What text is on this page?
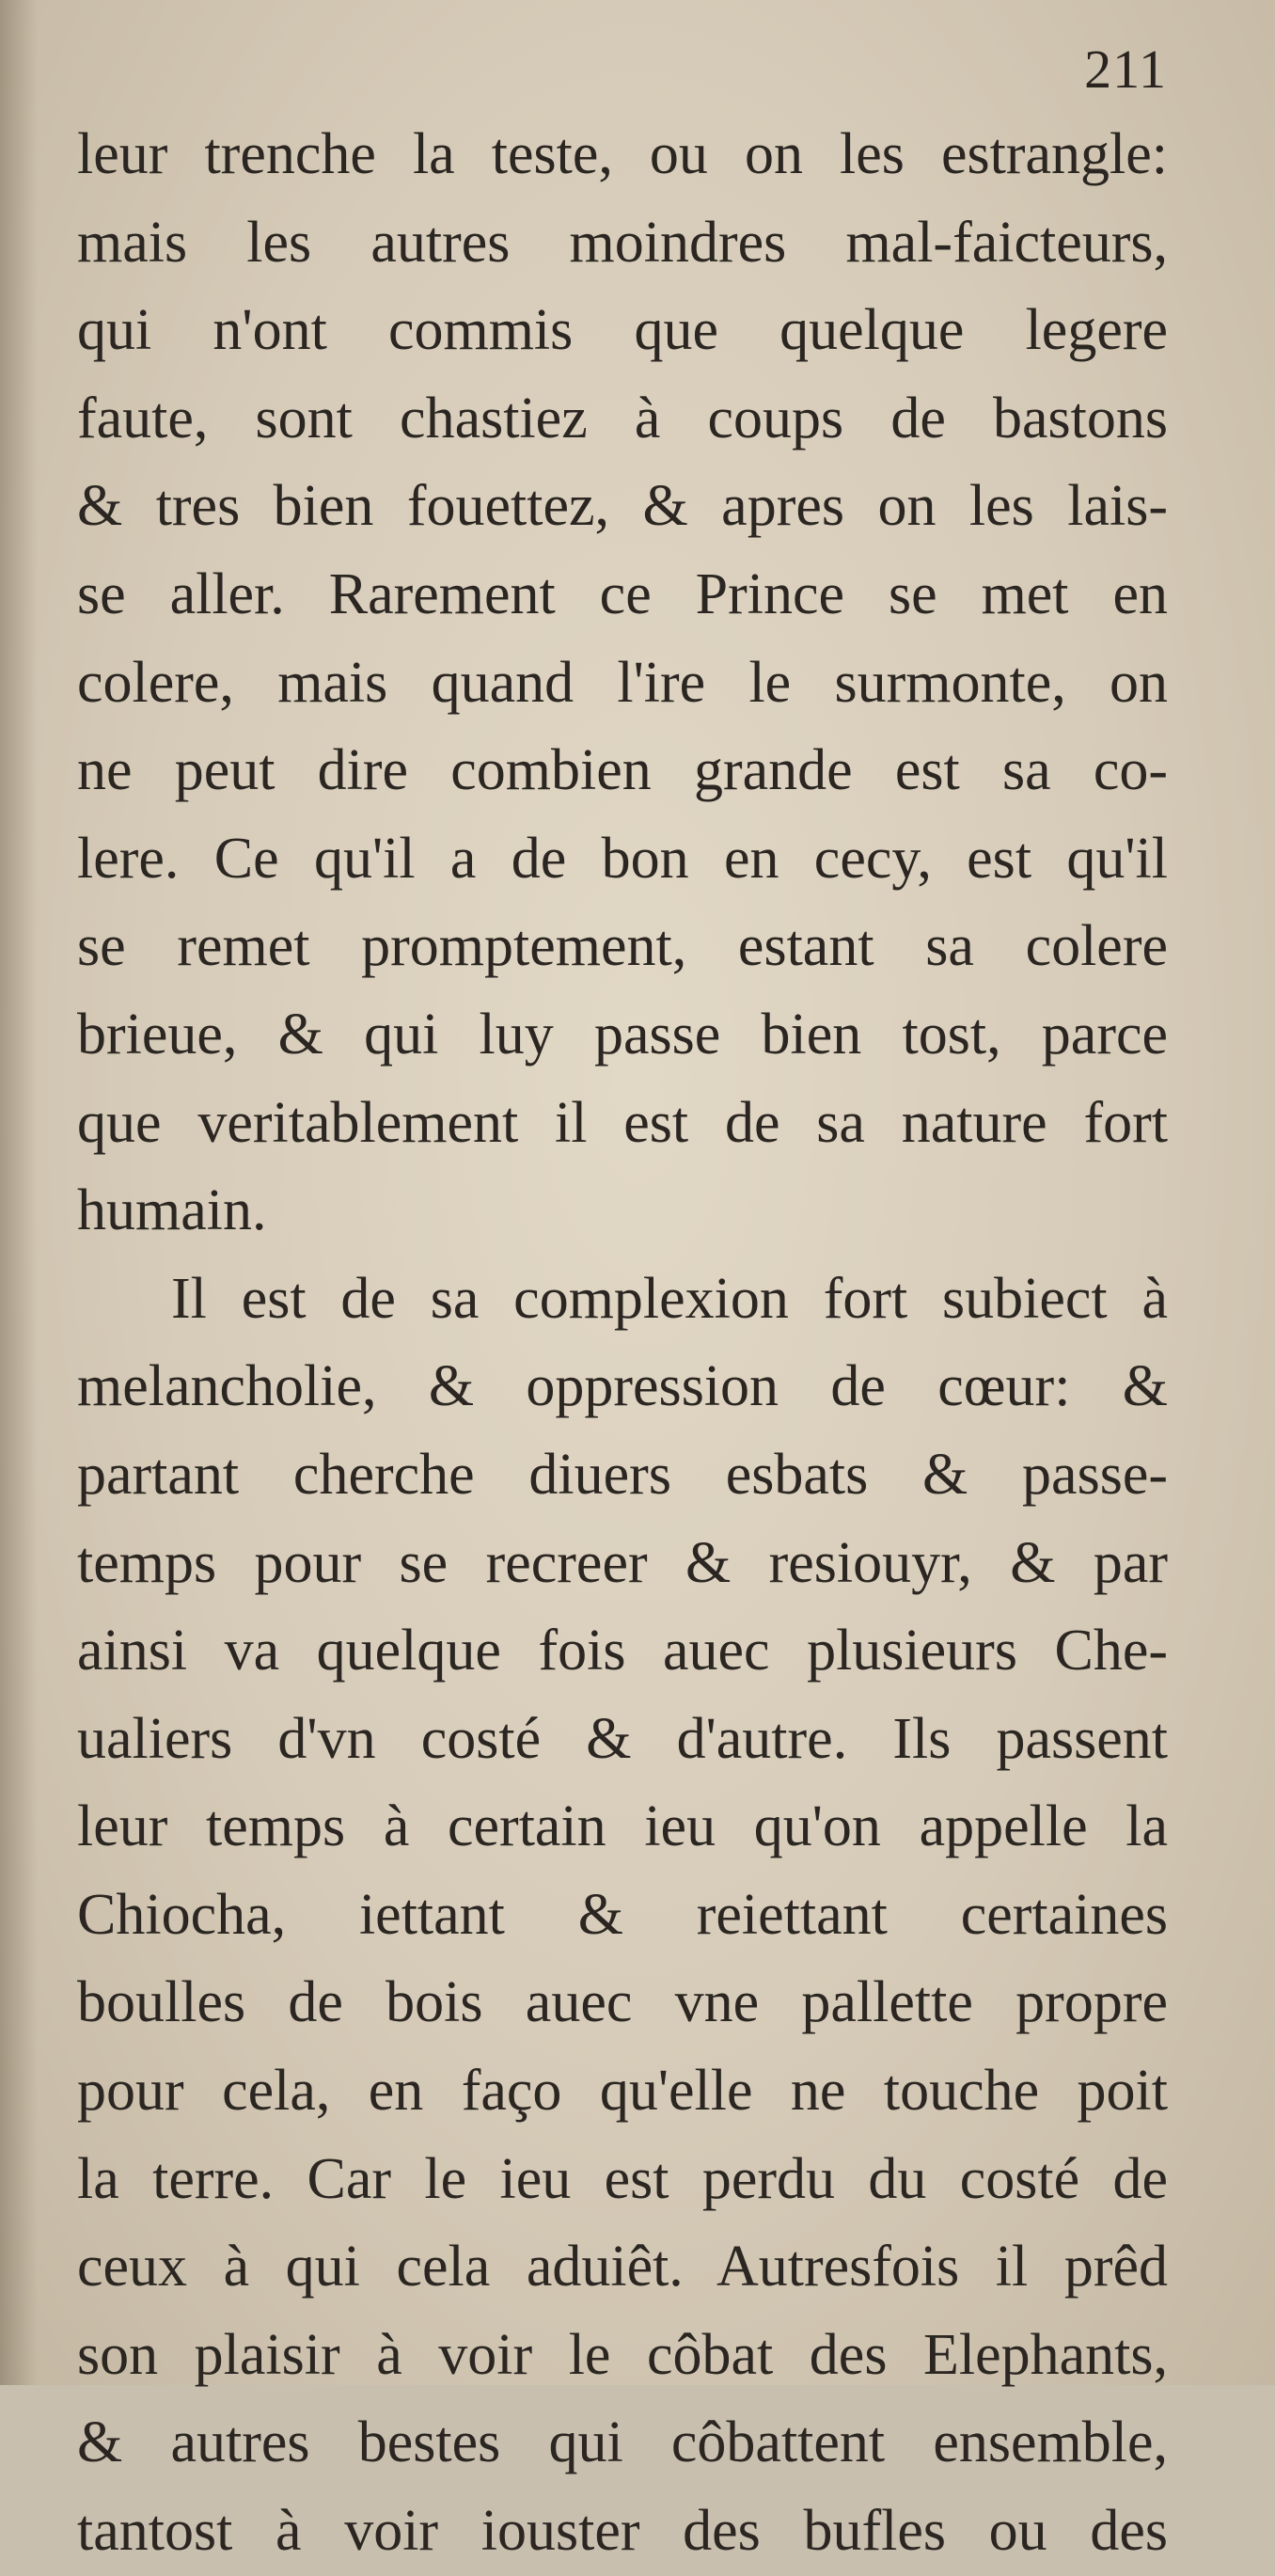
211
leur trenche la teste, ou on les estrangle:
mais les autres moindres mal-faicteurs,
qui n'ont commis que quelque legere
faute, sont chastiez à coups de bastons
& tres bien fouettez, & apres on les lais-
se aller. Rarement ce Prince se met en
colere, mais quand l'ire le surmonte, on
ne peut dire combien grande est sa co-
lere. Ce qu'il a de bon en cecy, est qu'il
se remet promptement, estant sa colere
brieue, & qui luy passe bien tost, parce
que veritablement il est de sa nature fort
humain.
Il est de sa complexion fort subiect à
melancholie, & oppression de cœur: &
partant cherche diuers esbats & passe-
temps pour se recreer & resiouyr, & par
ainsi va quelque fois auec plusieurs Che-
ualiers d'vn costé & d'autre. Ils passent
leur temps à certain ieu qu'on appelle la
Chiocha, iettant & reiettant certaines
boulles de bois auec vne pallette propre
pour cela, en faço qu'elle ne touche poit
la terre. Car le ieu est perdu du costé de
ceux à qui cela aduiêt. Autresfois il prêd
son plaisir à voir le côbat des Elephants,
& autres bestes qui côbattent ensemble,
tantost à voir iouster des bufles ou des
